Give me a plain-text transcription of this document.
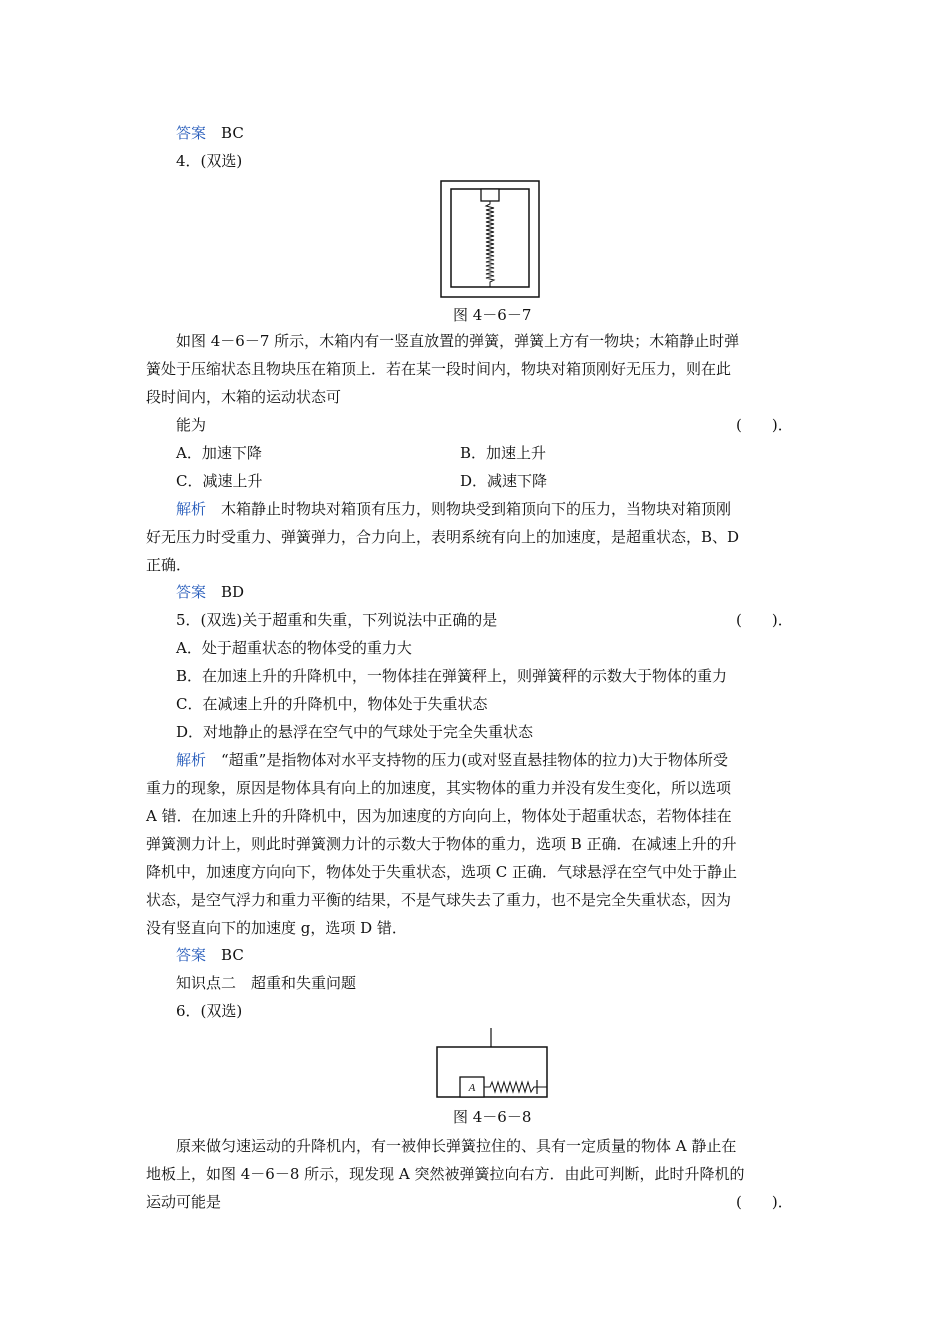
答案　 BC
4．(双选)
图 4－6－7
如图 4－6－7 所示，木箱内有一竖直放置的弹簧，弹簧上方有一物块；木箱静止时弹
簧处于压缩状态且物块压在箱顶上．若在某一段时间内，物块对箱顶刚好无压力，则在此
段时间内，木箱的运动状态可
能为	(　　)．
A．加速下降	B．加速上升
C．减速上升	D．减速下降
解析　木箱静止时物块对箱顶有压力，则物块受到箱顶向下的压力，当物块对箱顶刚
好无压力时受重力、弹簧弹力，合力向上，表明系统有向上的加速度，是超重状态，B、D
正确．
答案　 BD
5．(双选)关于超重和失重，下列说法中正确的是	(　　)．
A．处于超重状态的物体受的重力大
B．在加速上升的升降机中，一物体挂在弹簧秤上，则弹簧秤的示数大于物体的重力
C．在减速上升的升降机中，物体处于失重状态
D．对地静止的悬浮在空气中的气球处于完全失重状态
解析　“超重”是指物体对水平支持物的压力(或对竖直悬挂物体的拉力)大于物体所受
重力的现象，原因是物体具有向上的加速度，其实物体的重力并没有发生变化，所以选项
A 错．在加速上升的升降机中，因为加速度的方向向上，物体处于超重状态，若物体挂在
弹簧测力计上，则此时弹簧测力计的示数大于物体的重力，选项 B 正确．在减速上升的升
降机中，加速度方向向下，物体处于失重状态，选项 C 正确．气球悬浮在空气中处于静止
状态，是空气浮力和重力平衡的结果，不是气球失去了重力，也不是完全失重状态，因为
没有竖直向下的加速度 g，选项 D 错．
答案　 BC
知识点二　超重和失重问题
6．(双选)
A
图 4－6－8
原来做匀速运动的升降机内，有一被伸长弹簧拉住的、具有一定质量的物体 A 静止在
地板上，如图 4－6－8 所示，现发现 A 突然被弹簧拉向右方．由此可判断，此时升降机的
运动可能是	(　　)．
